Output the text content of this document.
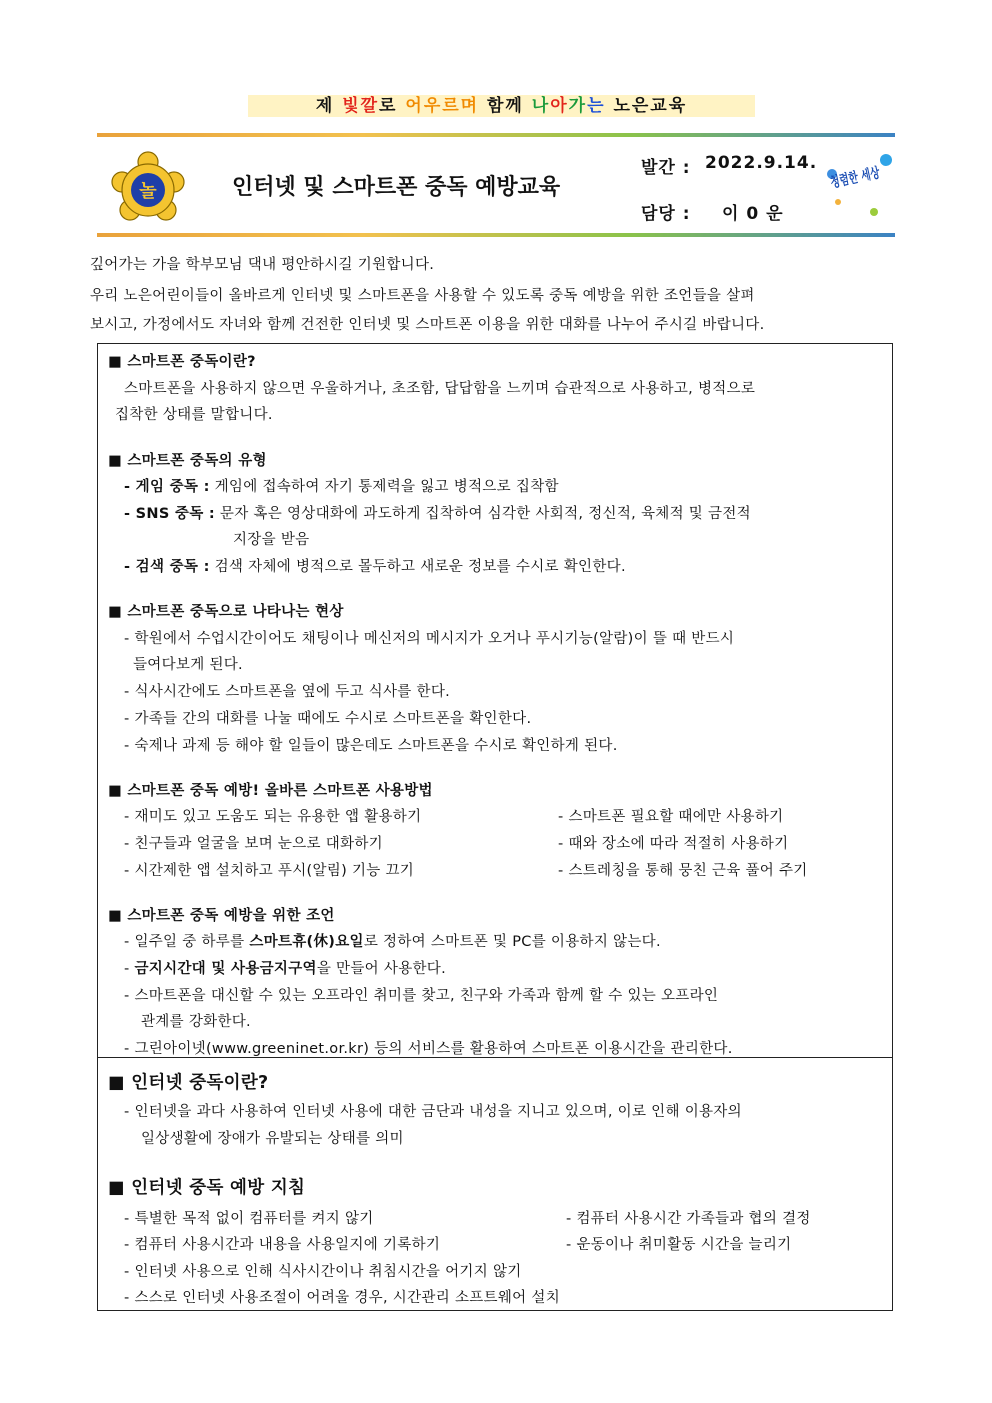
제 빛깔로 어우르며 함께 나아가는 노은교육
놀	인터넷 및 스마트폰 중독 예방교육
발간 : 2022.9.14.
담당 : 이 0 운
청렴한 세상
깊어가는 가을 학부모님 댁내 평안하시길 기원합니다.
우리 노은어린이들이 올바르게 인터넷 및 스마트폰을 사용할 수 있도록 중독 예방을 위한 조언들을 살펴
보시고, 가정에서도 자녀와 함께 건전한 인터넷 및 스마트폰 이용을 위한 대화를 나누어 주시길 바랍니다.
■ 스마트폰 중독이란?
스마트폰을 사용하지 않으면 우울하거나, 초조함, 답답함을 느끼며 습관적으로 사용하고, 병적으로
집착한 상태를 말합니다.
■ 스마트폰 중독의 유형
- 게임 중독 : 게임에 접속하여 자기 통제력을 잃고 병적으로 집착함
- SNS 중독 : 문자 혹은 영상대화에 과도하게 집착하여 심각한 사회적, 정신적, 육체적 및 금전적
지장을 받음
- 검색 중독 : 검색 자체에 병적으로 몰두하고 새로운 정보를 수시로 확인한다.
■ 스마트폰 중독으로 나타나는 현상
- 학원에서 수업시간이어도 채팅이나 메신저의 메시지가 오거나 푸시기능(알람)이 뜰 때 반드시
들여다보게 된다.
- 식사시간에도 스마트폰을 옆에 두고 식사를 한다.
- 가족들 간의 대화를 나눌 때에도 수시로 스마트폰을 확인한다.
- 숙제나 과제 등 해야 할 일들이 많은데도 스마트폰을 수시로 확인하게 된다.
■ 스마트폰 중독 예방! 올바른 스마트폰 사용방법
- 재미도 있고 도움도 되는 유용한 앱 활용하기
- 친구들과 얼굴을 보며 눈으로 대화하기
- 시간제한 앱 설치하고 푸시(알림) 기능 끄기
- 스마트폰 필요할 때에만 사용하기
- 때와 장소에 따라 적절히 사용하기
- 스트레칭을 통해 뭉친 근육 풀어 주기
■ 스마트폰 중독 예방을 위한 조언
- 일주일 중 하루를 스마트휴(休)요일로 정하여 스마트폰 및 PC를 이용하지 않는다.
- 금지시간대 및 사용금지구역을 만들어 사용한다.
- 스마트폰을 대신할 수 있는 오프라인 취미를 찾고, 친구와 가족과 함께 할 수 있는 오프라인
관계를 강화한다.
- 그린아이넷(www.greeninet.or.kr) 등의 서비스를 활용하여 스마트폰 이용시간을 관리한다.
■ 인터넷 중독이란?
- 인터넷을 과다 사용하여 인터넷 사용에 대한 금단과 내성을 지니고 있으며, 이로 인해 이용자의
일상생활에 장애가 유발되는 상태를 의미
■ 인터넷 중독 예방 지침
- 특별한 목적 없이 컴퓨터를 켜지 않기
- 컴퓨터 사용시간과 내용을 사용일지에 기록하기
- 컴퓨터 사용시간 가족들과 협의 결정
- 운동이나 취미활동 시간을 늘리기
- 인터넷 사용으로 인해 식사시간이나 취침시간을 어기지 않기
- 스스로 인터넷 사용조절이 어려울 경우, 시간관리 소프트웨어 설치
